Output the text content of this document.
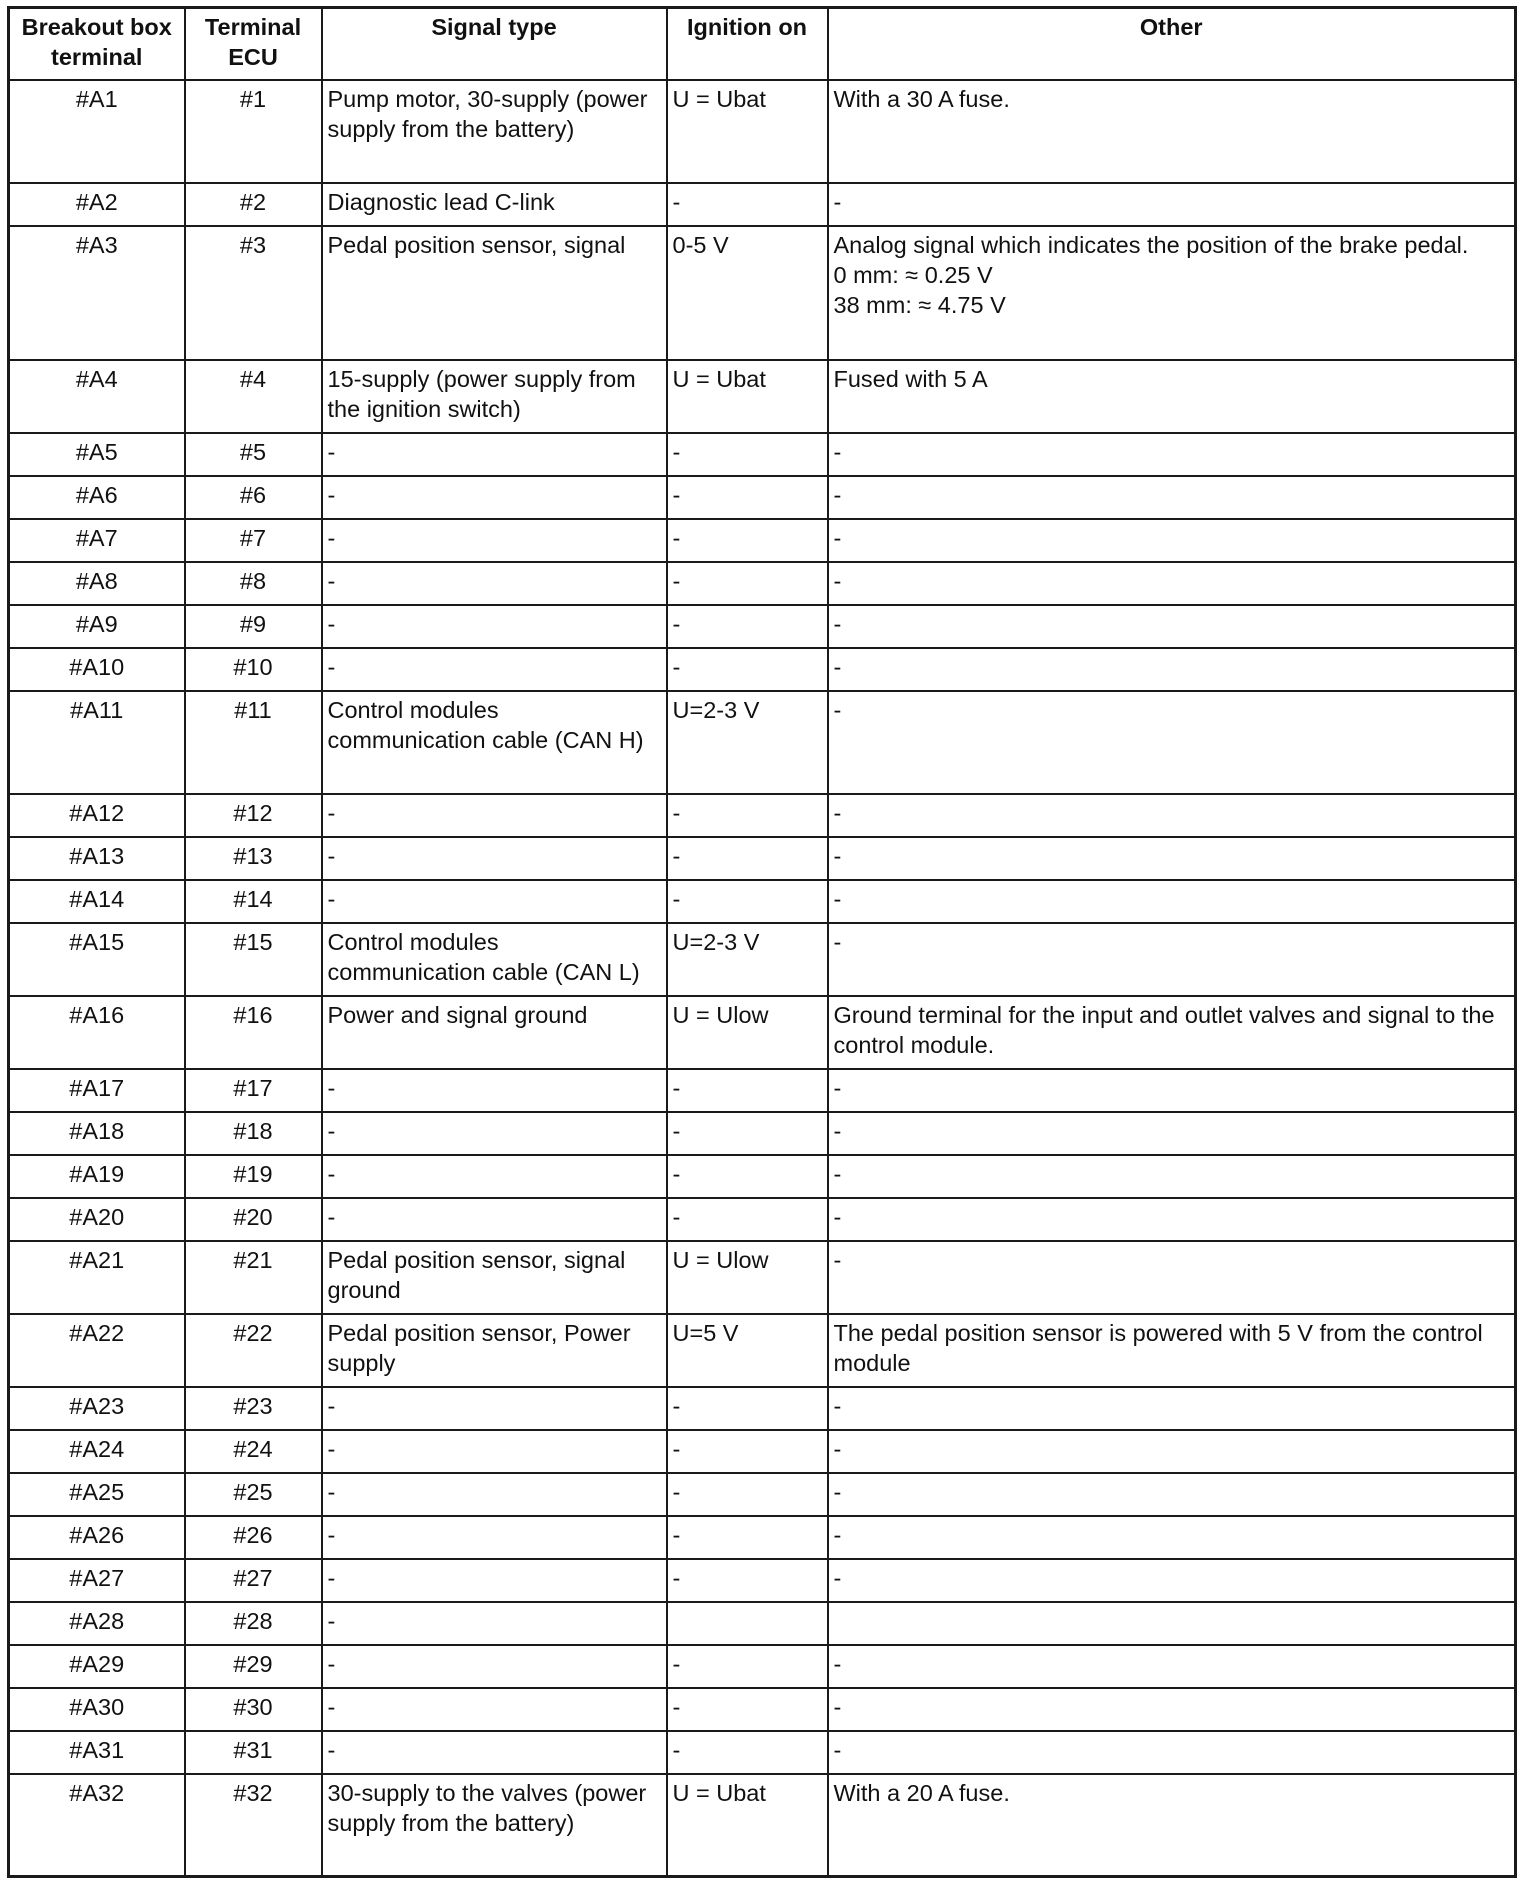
Breakout box terminal	Terminal ECU	Signal type	Ignition on	Other
#A1	#1	Pump motor, 30-supply (power supply from the battery)	U = Ubat	With a 30 A fuse.
#A2	#2	Diagnostic lead C-link	-	-
#A3	#3	Pedal position sensor, signal	0-5 V	Analog signal which indicates the position of the brake pedal.
0 mm: ≈ 0.25 V
38 mm: ≈ 4.75 V
#A4	#4	15-supply (power supply from the ignition switch)	U = Ubat	Fused with 5 A
#A5	#5	-	-	-
#A6	#6	-	-	-
#A7	#7	-	-	-
#A8	#8	-	-	-
#A9	#9	-	-	-
#A10	#10	-	-	-
#A11	#11	Control modules communication cable (CAN H)	U=2-3 V	-
#A12	#12	-	-	-
#A13	#13	-	-	-
#A14	#14	-	-	-
#A15	#15	Control modules communication cable (CAN L)	U=2-3 V	-
#A16	#16	Power and signal ground	U = Ulow	Ground terminal for the input and outlet valves and signal to the control module.
#A17	#17	-	-	-
#A18	#18	-	-	-
#A19	#19	-	-	-
#A20	#20	-	-	-
#A21	#21	Pedal position sensor, signal ground	U = Ulow	-
#A22	#22	Pedal position sensor, Power supply	U=5 V	The pedal position sensor is powered with 5 V from the control module
#A23	#23	-	-	-
#A24	#24	-	-	-
#A25	#25	-	-	-
#A26	#26	-	-	-
#A27	#27	-	-	-
#A28	#28	-		
#A29	#29	-	-	-
#A30	#30	-	-	-
#A31	#31	-	-	-
#A32	#32	30-supply to the valves (power supply from the battery)	U = Ubat	With a 20 A fuse.
